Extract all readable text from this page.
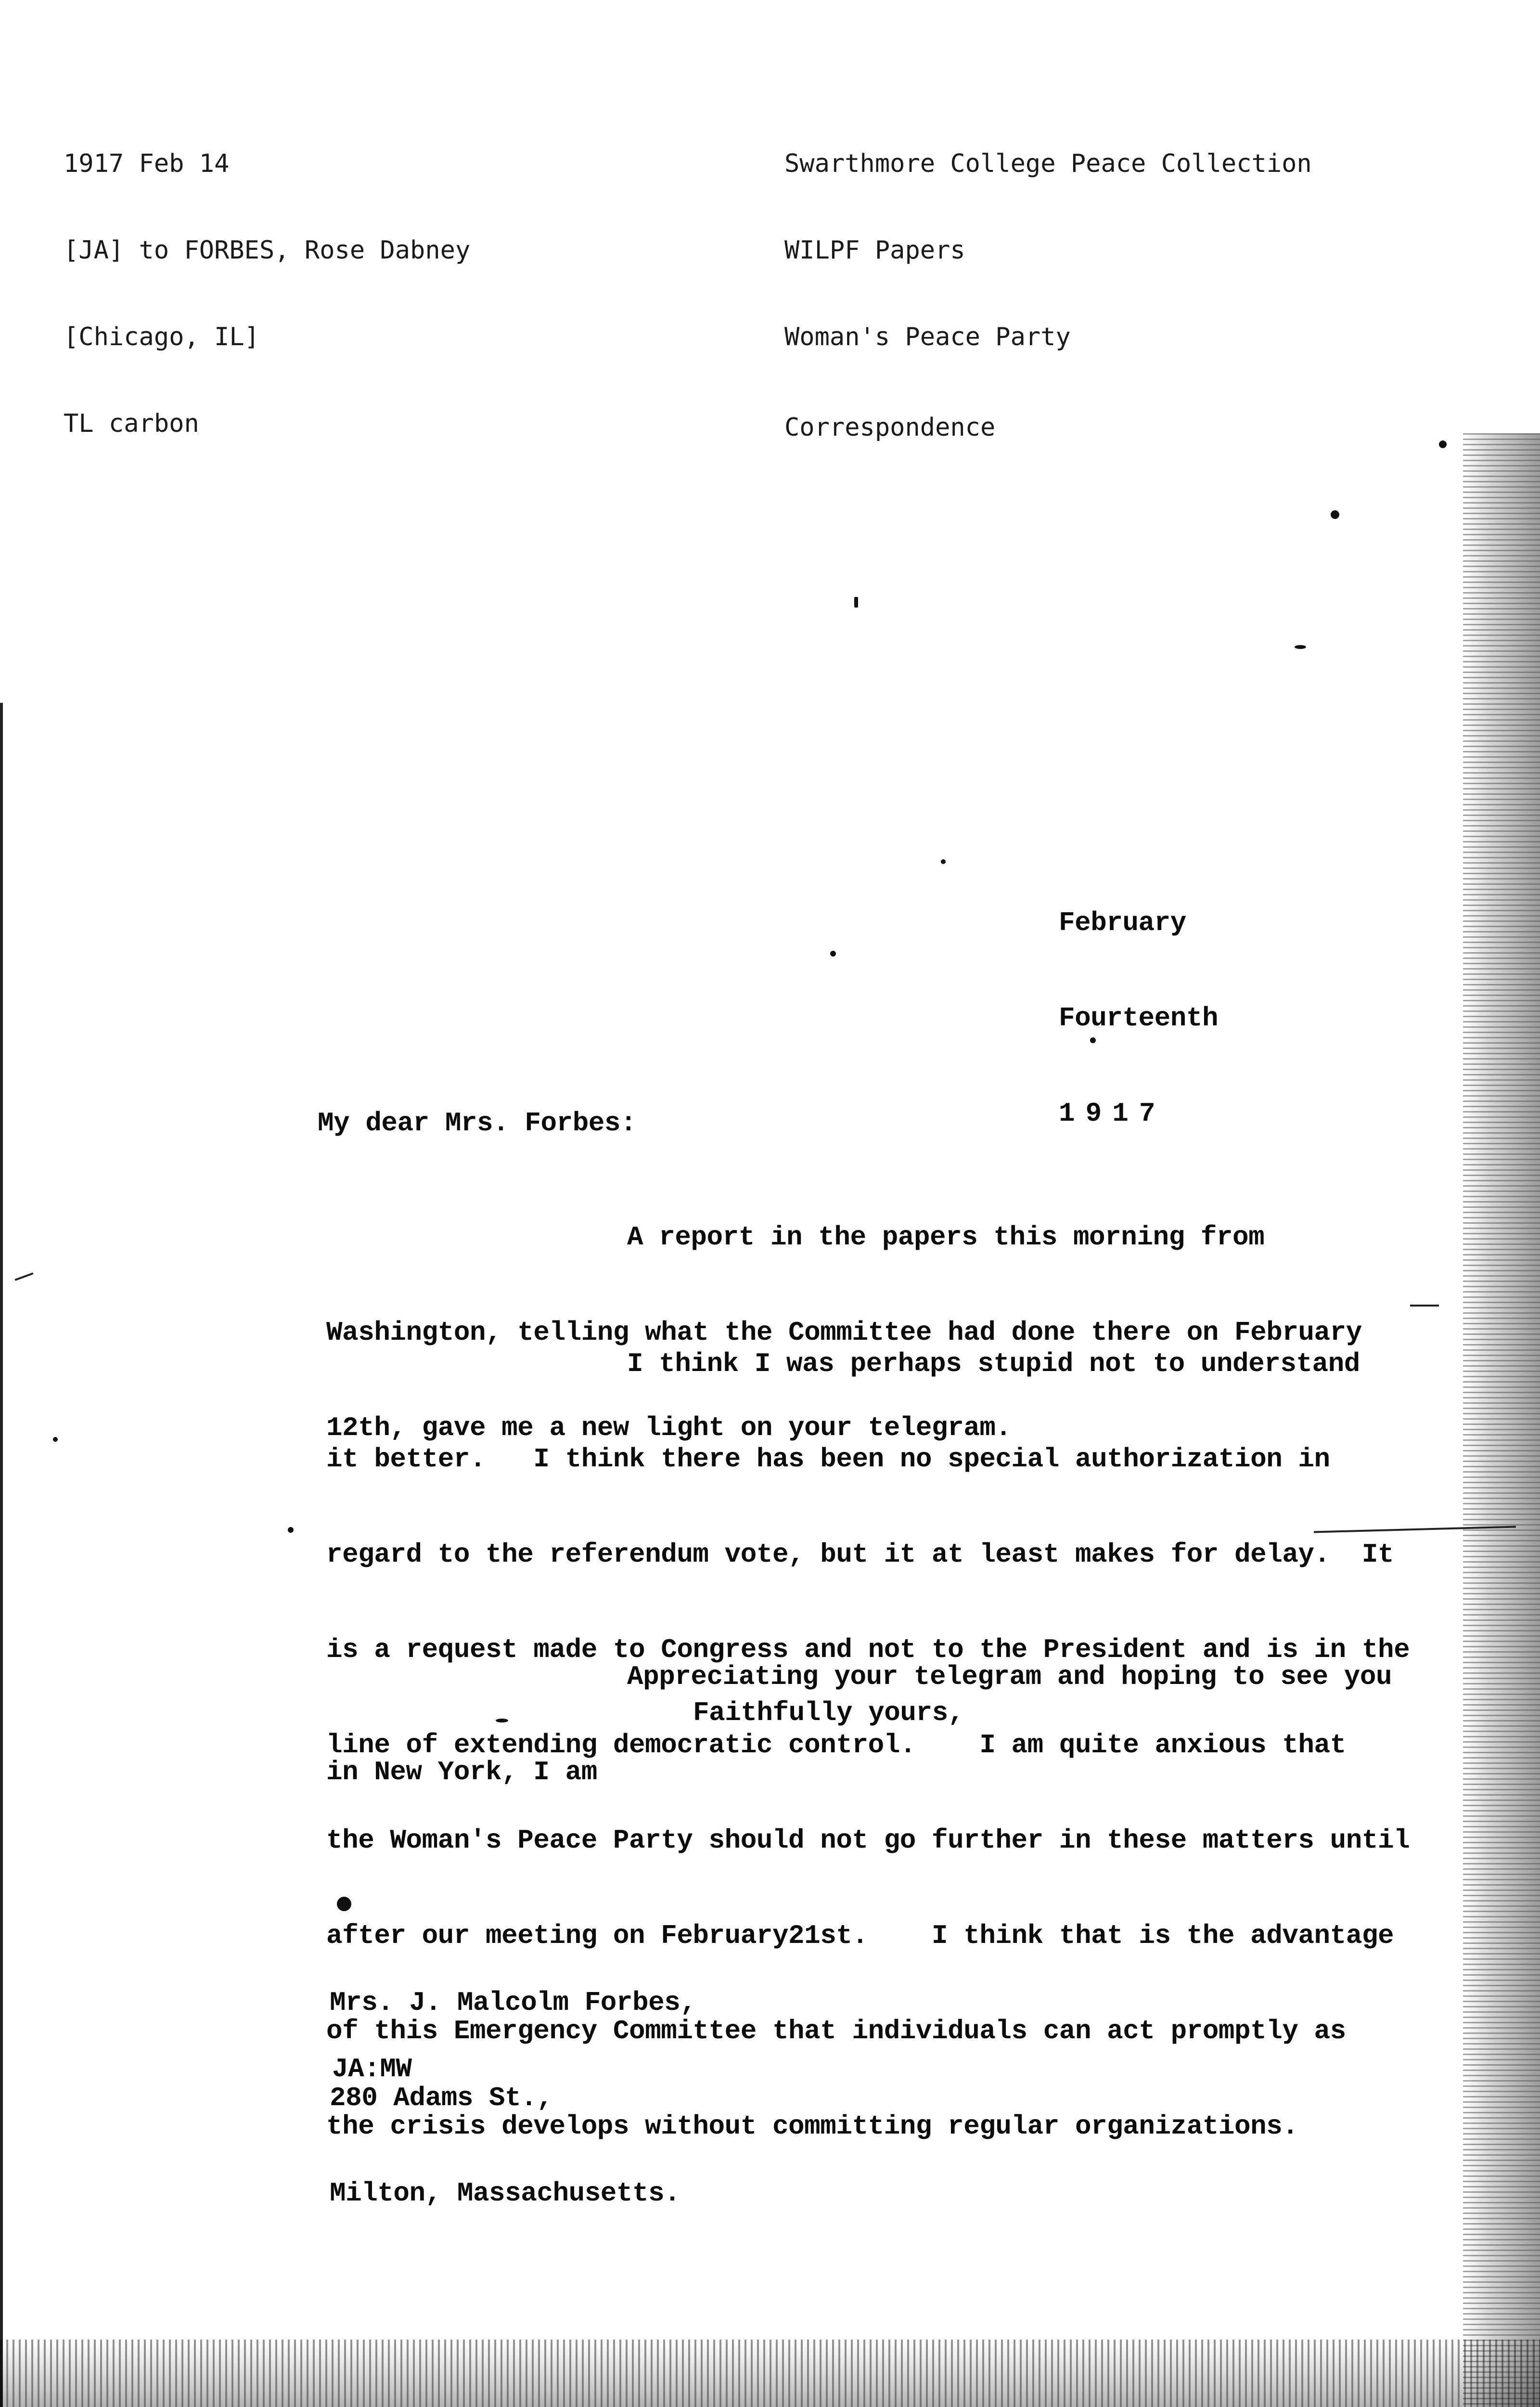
1917 Feb 14

[JA] to FORBES, Rose Dabney

[Chicago, IL]

TL carbon

Swarthmore College Peace Collection

WILPF Papers

Woman's Peace Party

Correspondence

February

Fourteenth

1917

My dear Mrs. Forbes:

A report in the papers this morning from

Washington, telling what the Committee had done there on February

12th, gave me a new light on your telegram.

I think I was perhaps stupid not to understand

it better.   I think there has been no special authorization in

regard to the referendum vote, but it at least makes for delay.  It

is a request made to Congress and not to the President and is in the

line of extending democratic control.    I am quite anxious that

the Woman's Peace Party should not go further in these matters until

after our meeting on February21st.    I think that is the advantage

of this Emergency Committee that individuals can act promptly as

the crisis develops without committing regular organizations.

Appreciating your telegram and hoping to see you

in New York, I am

Faithfully yours,

Mrs. J. Malcolm Forbes,

280 Adams St.,

Milton, Massachusetts.

JA:MW
